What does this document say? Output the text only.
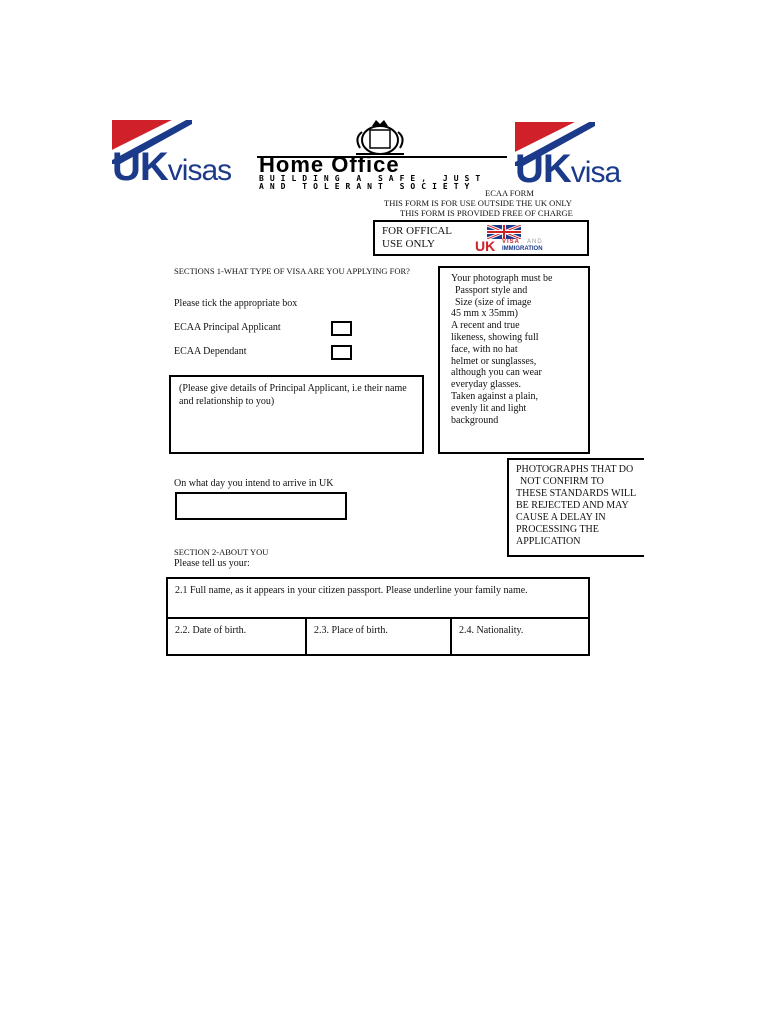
UKvisas Home Office
BUILDING A SAFE, JUST
AND TOLERANT SOCIETY UKvisa
ECAA FORM
THIS FORM IS FOR USE OUTSIDE THE UK ONLY
THIS FORM IS PROVIDED FREE OF CHARGE
FOR OFFICAL
USE ONLY	UK VISA AND
IMMIGRATION
SECTIONS 1-WHAT TYPE OF VISA ARE YOU APPLYING FOR?
Please tick the appropriate box
ECAA Principal Applicant
ECAA Dependant
(Please give details of Principal Applicant, i.e their name and relationship to you)
On what day you intend to arrive in UK
Your photograph must be
Passport style and
Size (size of image
45 mm x 35mm)
A recent and true
likeness, showing full
face, with no hat
helmet or sunglasses,
although you can wear
everyday glasses.
Taken against a plain,
evenly lit and light
background
PHOTOGRAPHS THAT DO
NOT CONFIRM TO
THESE STANDARDS WILL
BE REJECTED AND MAY
CAUSE A DELAY IN
PROCESSING THE
APPLICATION
SECTION 2-ABOUT YOU
Please tell us your:
2.1 Full name, as it appears in your citizen passport. Please underline your family name.
2.2. Date of birth.	2.3. Place of birth.	2.4. Nationality.
